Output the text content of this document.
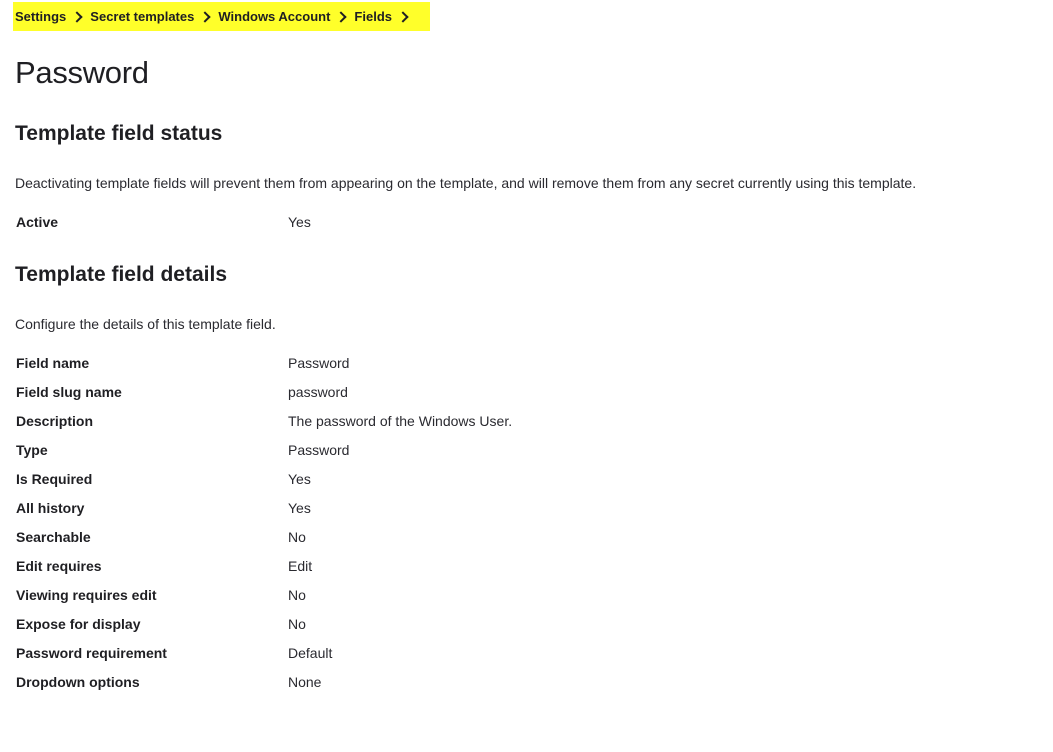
Settings Secret templates Windows Account Fields
Password
Template field status

Deactivating template fields will prevent them from appearing on the template, and will remove them from any secret currently using this template.

Active	Yes
Template field details

Configure the details of this template field.

Field name	Password
Field slug name	password
Description	The password of the Windows User.
Type	Password
Is Required	Yes
All history	Yes
Searchable	No
Edit requires	Edit
Viewing requires edit	No
Expose for display	No
Password requirement	Default
Dropdown options	None
